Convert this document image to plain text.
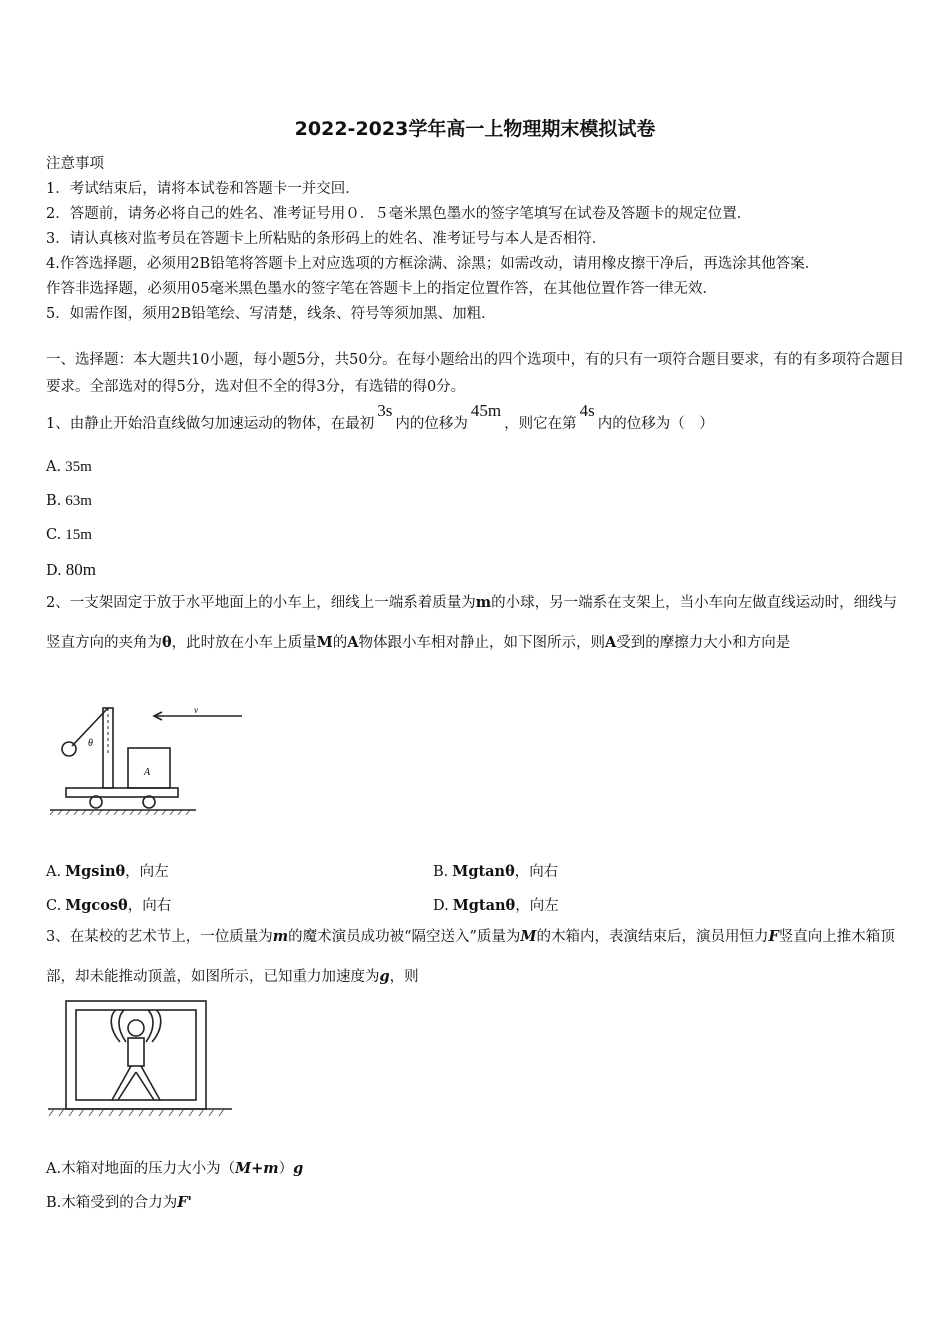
2022-2023学年高一上物理期末模拟试卷
注意事项
1．考试结束后，请将本试卷和答题卡一并交回．
2．答题前，请务必将自己的姓名、准考证号用０．５毫米黑色墨水的签字笔填写在试卷及答题卡的规定位置．
3．请认真核对监考员在答题卡上所粘贴的条形码上的姓名、准考证号与本人是否相符．
4.作答选择题，必须用2B铅笔将答题卡上对应选项的方框涂满、涂黑；如需改动，请用橡皮擦干净后，再选涂其他答案．
作答非选择题，必须用05毫米黑色墨水的签字笔在答题卡上的指定位置作答，在其他位置作答一律无效．
5．如需作图，须用2B铅笔绘、写清楚，线条、符号等须加黑、加粗．
一、选择题：本大题共10小题，每小题5分，共50分。在每小题给出的四个选项中，有的只有一项符合题目要求，有的有多项符合题目要求。全部选对的得5分，选对但不全的得3分，有选错的得0分。
1、由静止开始沿直线做匀加速运动的物体，在最初3s内的位移为45m，则它在第4s内的位移为（　）
A. 35m
B. 63m
C. 15m
D. 80m
2、一支架固定于放于水平地面上的小车上，细线上一端系着质量为m的小球，另一端系在支架上，当小车向左做直线运动时，细线与竖直方向的夹角为θ，此时放在小车上质量M的A物体跟小车相对静止，如下图所示，则A受到的摩擦力大小和方向是
v
θ
A
A. Mgsinθ，向左	B. Mgtanθ，向右
C. Mgcosθ，向右	D. Mgtanθ，向左
3、在某校的艺术节上，一位质量为m的魔术演员成功被“隔空送入”质量为M的木箱内，表演结束后，演员用恒力F竖直向上推木箱顶部，却未能推动顶盖，如图所示，已知重力加速度为g，则
A.木箱对地面的压力大小为（M+m）g
B.木箱受到的合力为F'
